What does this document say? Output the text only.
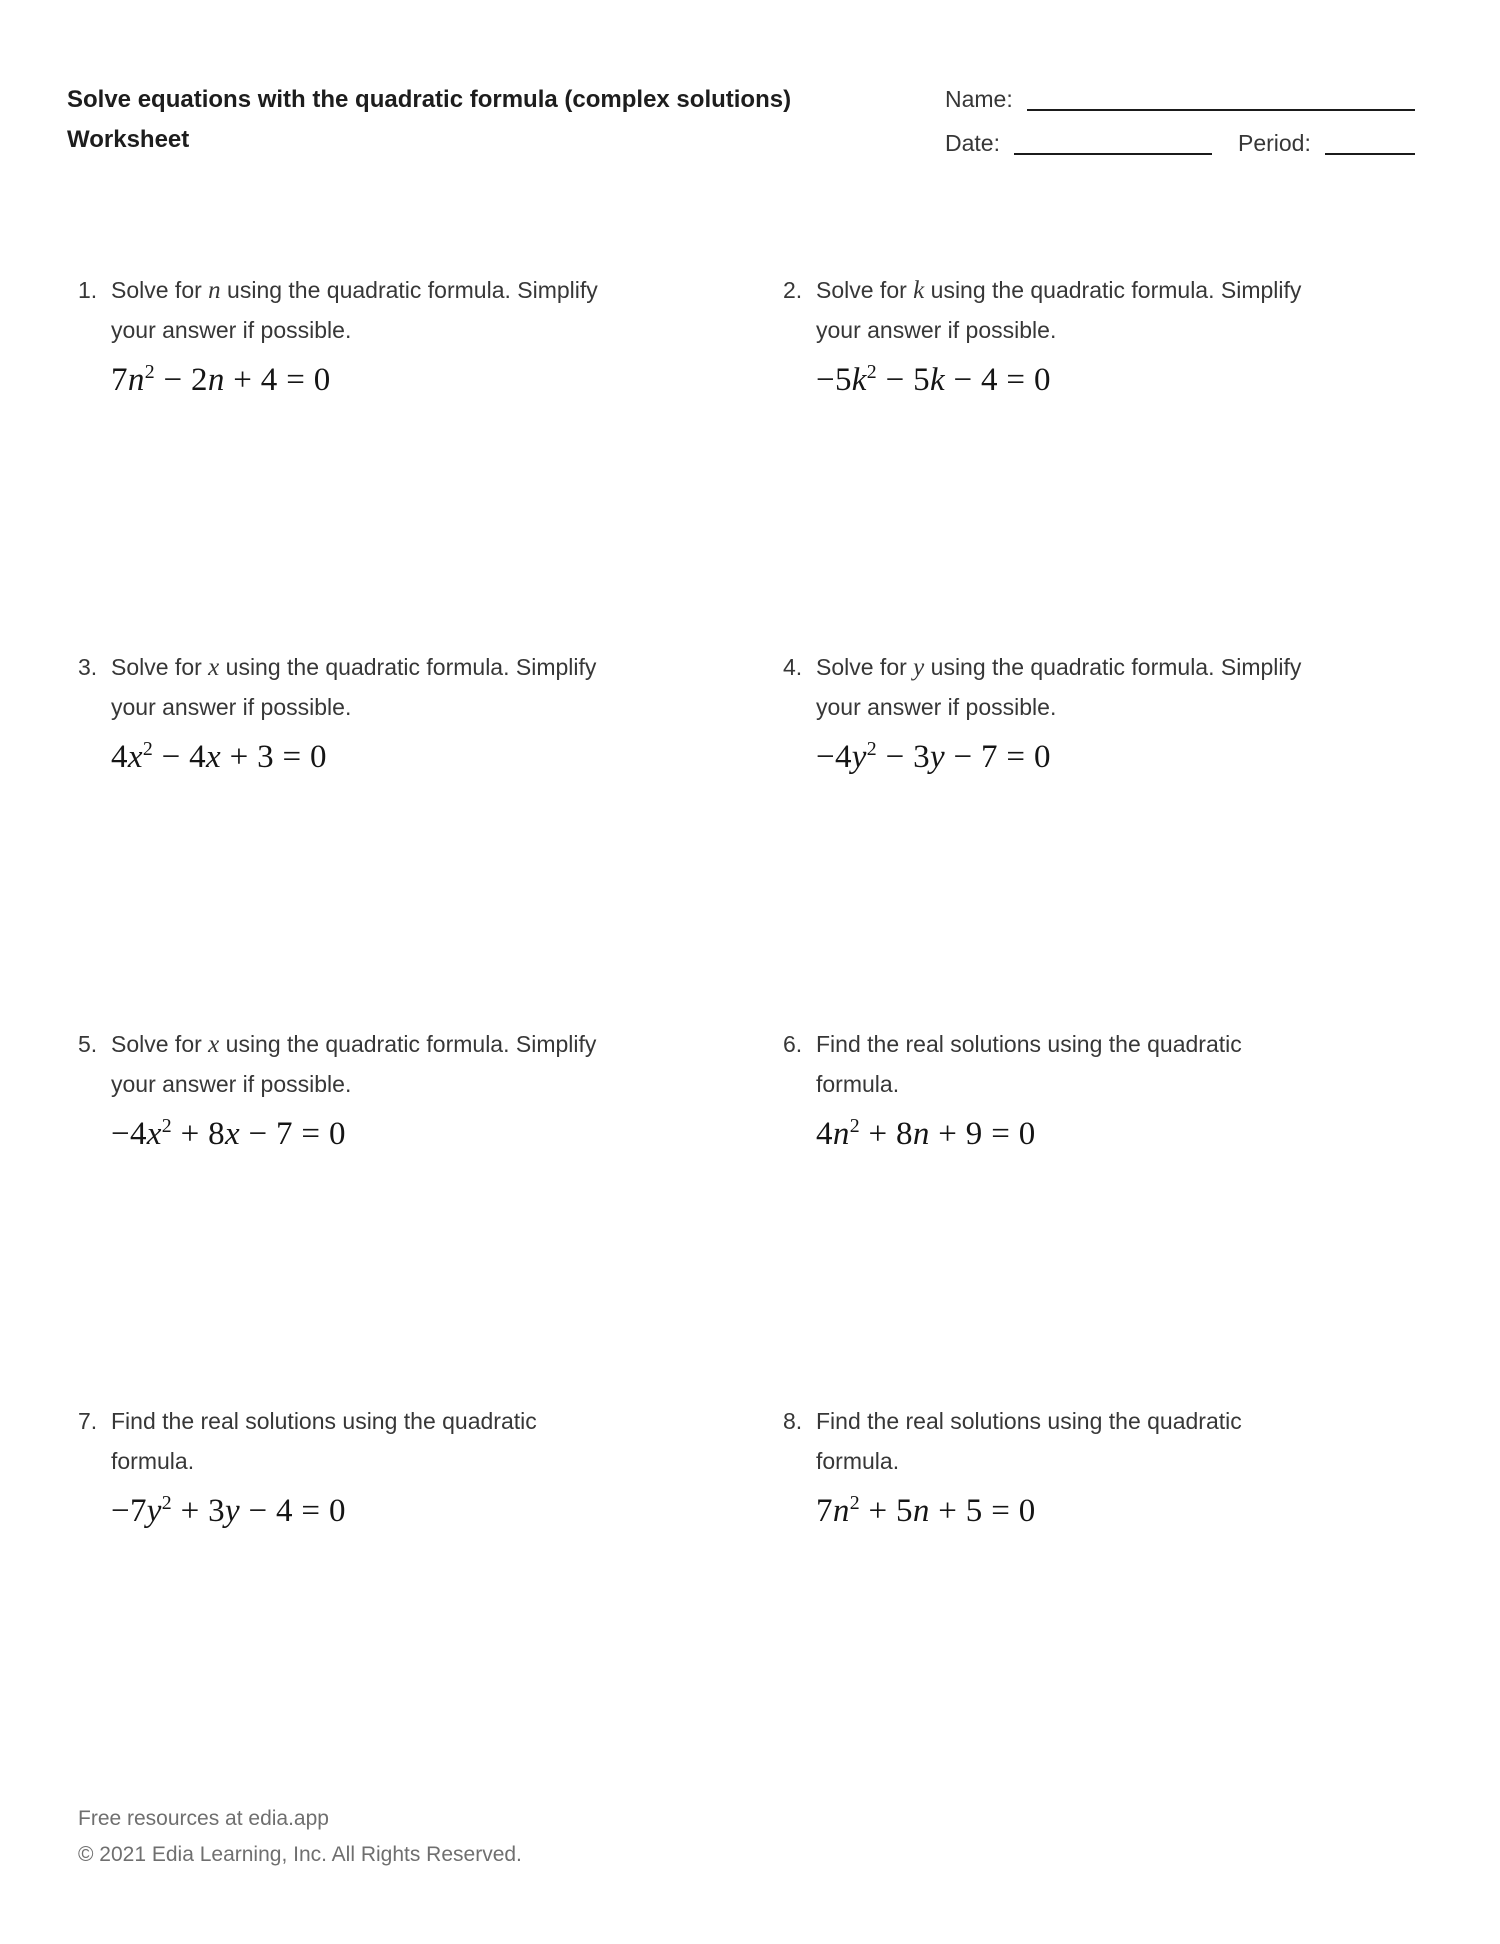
Solve equations with the quadratic formula (complex solutions)
Worksheet
Name:
Date:	Period:
1. Solve for n using the quadratic formula. Simplify
your answer if possible.
$7n^2 - 2n + 4 = 0$
2. Solve for k using the quadratic formula. Simplify
your answer if possible.
$-5k^2 - 5k - 4 = 0$
3. Solve for x using the quadratic formula. Simplify
your answer if possible.
$4x^2 - 4x + 3 = 0$
4. Solve for y using the quadratic formula. Simplify
your answer if possible.
$-4y^2 - 3y - 7 = 0$
5. Solve for x using the quadratic formula. Simplify
your answer if possible.
$-4x^2 + 8x - 7 = 0$
6. Find the real solutions using the quadratic
formula.
$4n^2 + 8n + 9 = 0$
7. Find the real solutions using the quadratic
formula.
$-7y^2 + 3y - 4 = 0$
8. Find the real solutions using the quadratic
formula.
$7n^2 + 5n + 5 = 0$
Free resources at edia.app
© 2021 Edia Learning, Inc. All Rights Reserved.
